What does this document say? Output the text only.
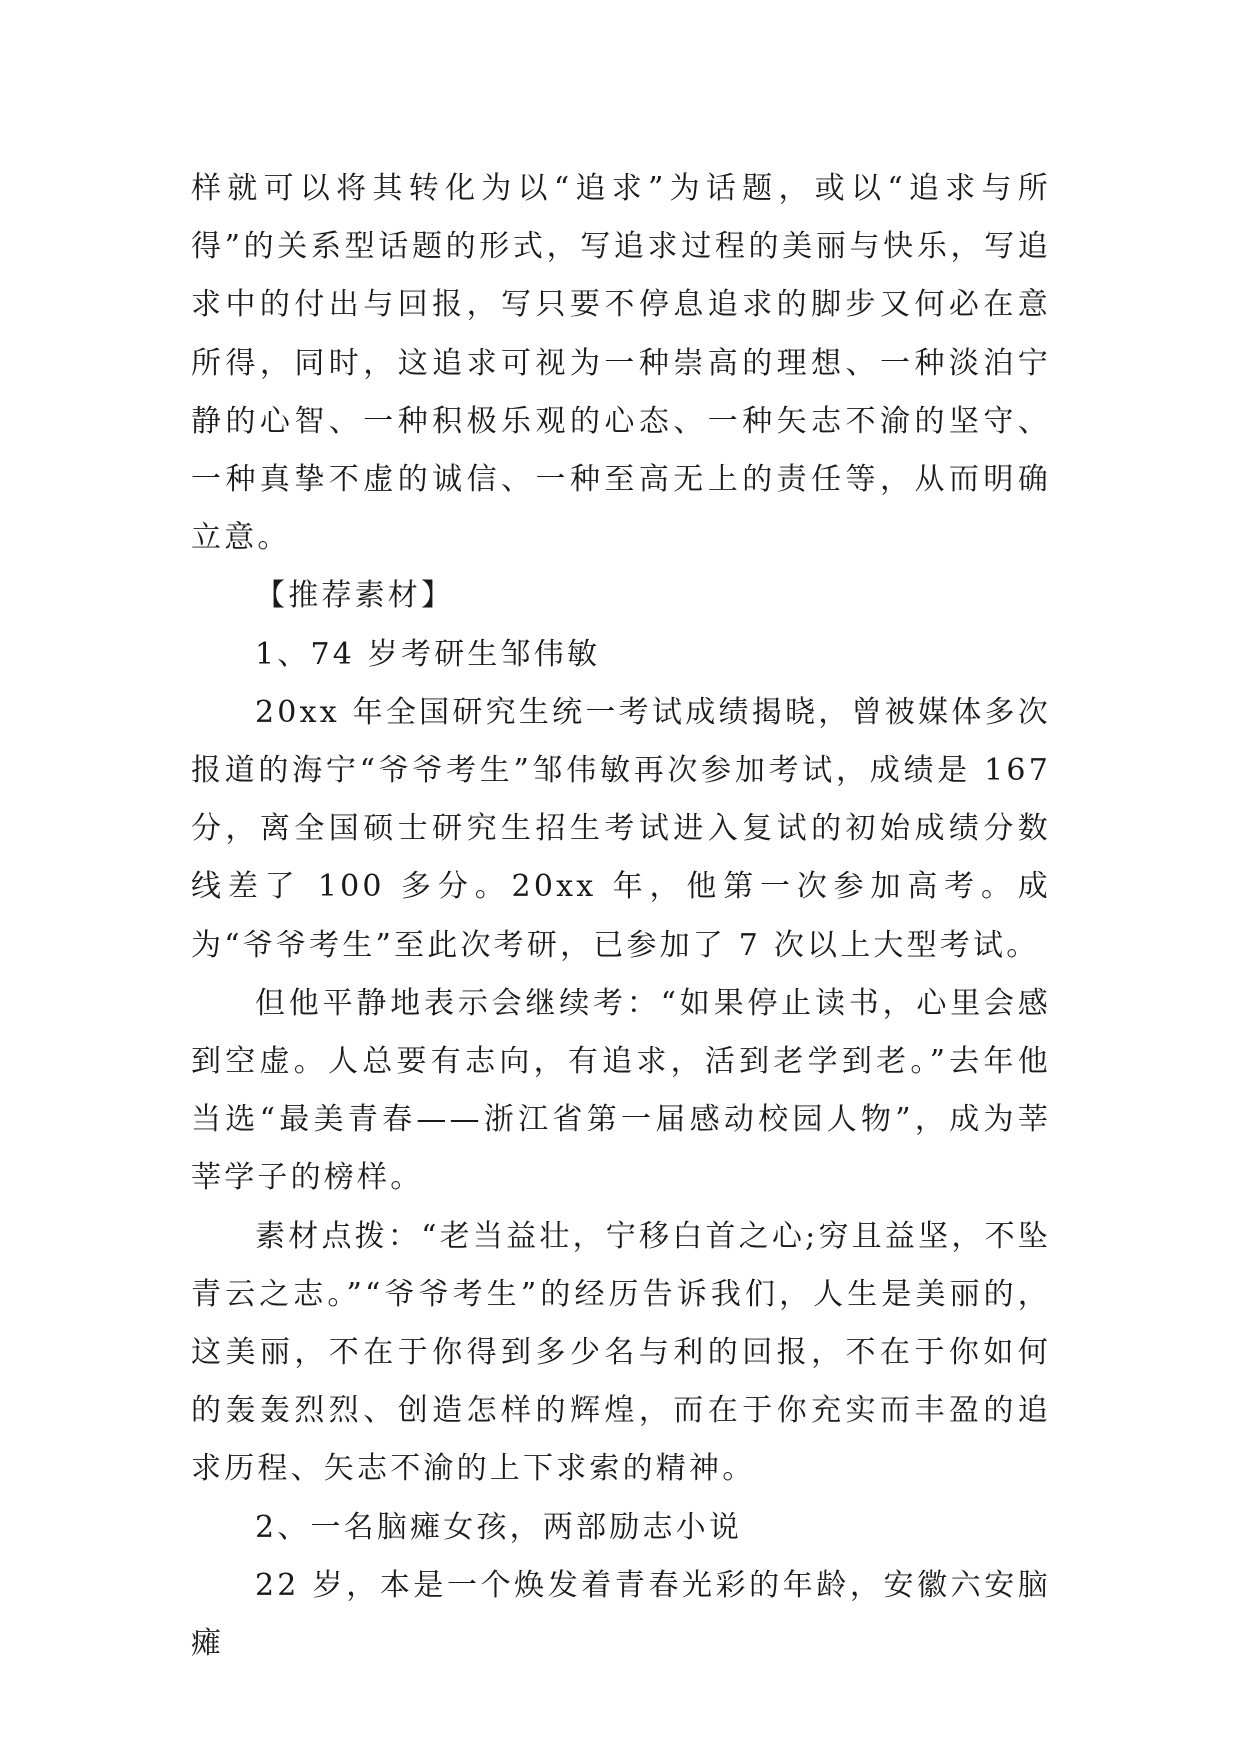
样就可以将其转化为以“追求”为话题，或以“追求与所得”的关系型话题的形式，写追求过程的美丽与快乐，写追求中的付出与回报，写只要不停息追求的脚步又何必在意所得，同时，这追求可视为一种崇高的理想、一种淡泊宁静的心智、一种积极乐观的心态、一种矢志不渝的坚守、一种真挚不虚的诚信、一种至高无上的责任等，从而明确立意。

【推荐素材】

1、74 岁考研生邹伟敏

20xx 年全国研究生统一考试成绩揭晓，曾被媒体多次报道的海宁“爷爷考生”邹伟敏再次参加考试，成绩是 167 分，离全国硕士研究生招生考试进入复试的初始成绩分数线差了 100 多分。20xx 年，他第一次参加高考。成为“爷爷考生”至此次考研，已参加了 7 次以上大型考试。

但他平静地表示会继续考：“如果停止读书，心里会感到空虚。人总要有志向，有追求，活到老学到老。”去年他当选“最美青春——浙江省第一届感动校园人物”，成为莘莘学子的榜样。

素材点拨：“老当益壮，宁移白首之心;穷且益坚，不坠青云之志。”“爷爷考生”的经历告诉我们，人生是美丽的，这美丽，不在于你得到多少名与利的回报，不在于你如何的轰轰烈烈、创造怎样的辉煌，而在于你充实而丰盈的追求历程、矢志不渝的上下求索的精神。

2、一名脑瘫女孩，两部励志小说

22 岁，本是一个焕发着青春光彩的年龄，安徽六安脑瘫
